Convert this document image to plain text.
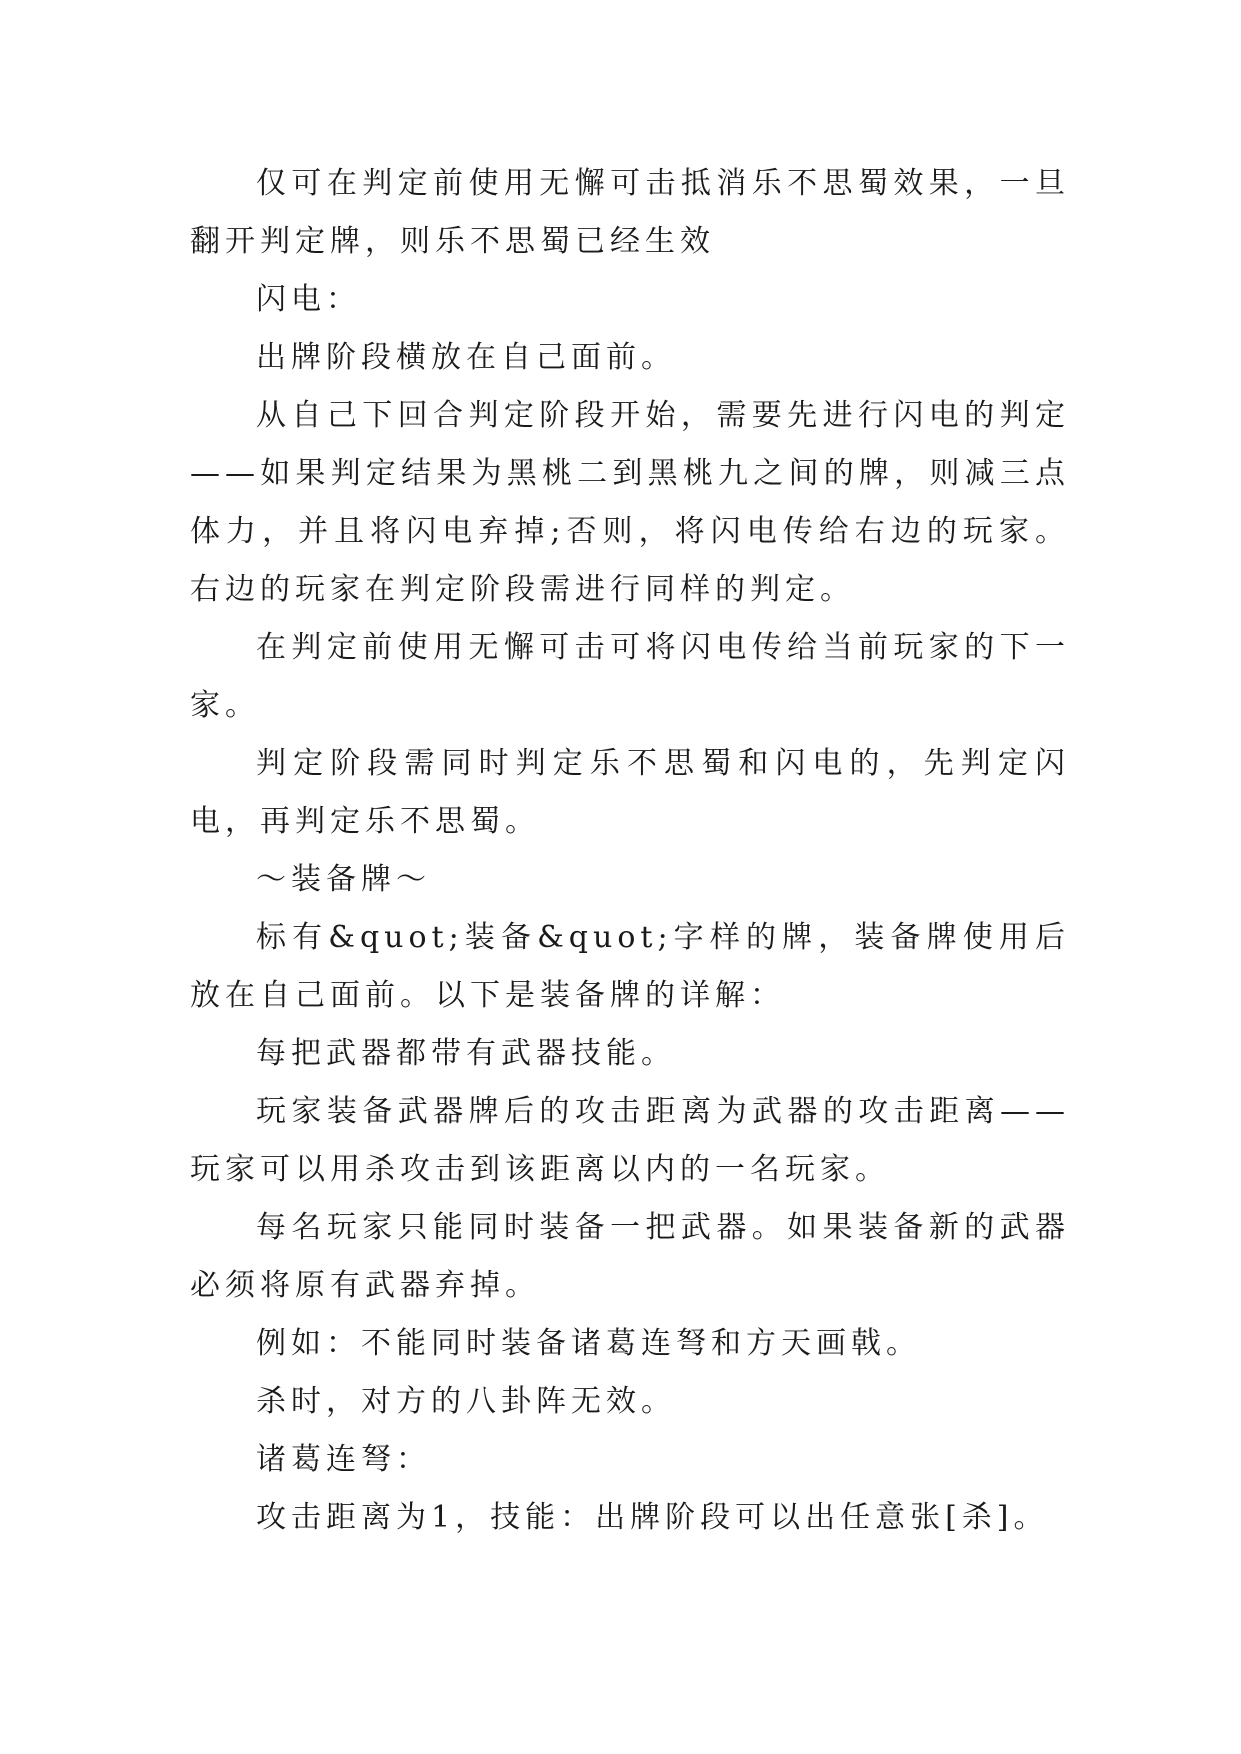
仅可在判定前使用无懈可击抵消乐不思蜀效果，一旦翻开判定牌，则乐不思蜀已经生效

闪电：

出牌阶段横放在自己面前。

从自己下回合判定阶段开始，需要先进行闪电的判定——如果判定结果为黑桃二到黑桃九之间的牌，则减三点体力，并且将闪电弃掉;否则，将闪电传给右边的玩家。右边的玩家在判定阶段需进行同样的判定。

在判定前使用无懈可击可将闪电传给当前玩家的下一家。

判定阶段需同时判定乐不思蜀和闪电的，先判定闪电，再判定乐不思蜀。

～装备牌～

标有&quot;装备&quot;字样的牌，装备牌使用后放在自己面前。以下是装备牌的详解：

每把武器都带有武器技能。

玩家装备武器牌后的攻击距离为武器的攻击距离——玩家可以用杀攻击到该距离以内的一名玩家。

每名玩家只能同时装备一把武器。如果装备新的武器必须将原有武器弃掉。

例如：不能同时装备诸葛连弩和方天画戟。

杀时，对方的八卦阵无效。

诸葛连弩：

攻击距离为1，技能：出牌阶段可以出任意张[杀]。
